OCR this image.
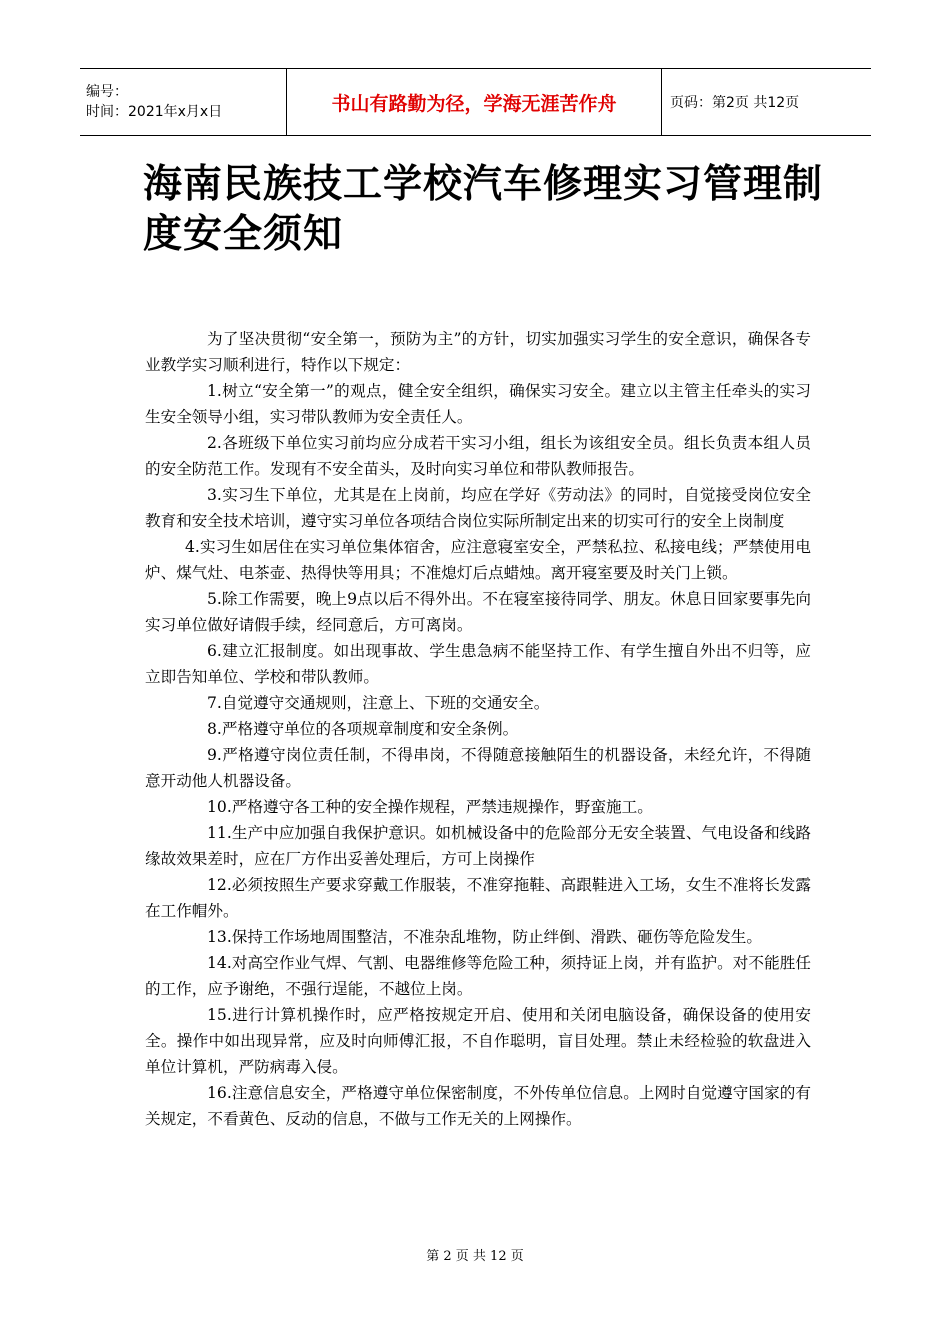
编号：
时间：2021年x月x日	书山有路勤为径，学海无涯苦作舟	页码：第2页 共12页
海南民族技工学校汽车修理实习管理制度安全须知

为了坚决贯彻“安全第一，预防为主”的方针，切实加强实习学生的安全意识，确保各专业教学实习顺利进行，特作以下规定：

1.树立“安全第一”的观点，健全安全组织，确保实习安全。建立以主管主任牵头的实习生安全领导小组，实习带队教师为安全责任人。

2.各班级下单位实习前均应分成若干实习小组，组长为该组安全员。组长负责本组人员的安全防范工作。发现有不安全苗头，及时向实习单位和带队教师报告。

3.实习生下单位，尤其是在上岗前，均应在学好《劳动法》的同时，自觉接受岗位安全教育和安全技术培训，遵守实习单位各项结合岗位实际所制定出来的切实可行的安全上岗制度

4.实习生如居住在实习单位集体宿舍，应注意寝室安全，严禁私拉、私接电线；严禁使用电炉、煤气灶、电茶壶、热得快等用具；不准熄灯后点蜡烛。离开寝室要及时关门上锁。

5.除工作需要，晚上9点以后不得外出。不在寝室接待同学、朋友。休息日回家要事先向实习单位做好请假手续，经同意后，方可离岗。

6.建立汇报制度。如出现事故、学生患急病不能坚持工作、有学生擅自外出不归等，应立即告知单位、学校和带队教师。

7.自觉遵守交通规则，注意上、下班的交通安全。

8.严格遵守单位的各项规章制度和安全条例。

9.严格遵守岗位责任制，不得串岗，不得随意接触陌生的机器设备，未经允许，不得随意开动他人机器设备。

10.严格遵守各工种的安全操作规程，严禁违规操作，野蛮施工。

11.生产中应加强自我保护意识。如机械设备中的危险部分无安全装置、气电设备和线路缘故效果差时，应在厂方作出妥善处理后，方可上岗操作

12.必须按照生产要求穿戴工作服装，不准穿拖鞋、高跟鞋进入工场，女生不准将长发露在工作帽外。

13.保持工作场地周围整洁，不准杂乱堆物，防止绊倒、滑跌、砸伤等危险发生。

14.对高空作业气焊、气割、电器维修等危险工种，须持证上岗，并有监护。对不能胜任的工作，应予谢绝，不强行逞能，不越位上岗。

15.进行计算机操作时，应严格按规定开启、使用和关闭电脑设备，确保设备的使用安全。操作中如出现异常，应及时向师傅汇报，不自作聪明，盲目处理。禁止未经检验的软盘进入单位计算机，严防病毒入侵。

16.注意信息安全，严格遵守单位保密制度，不外传单位信息。上网时自觉遵守国家的有关规定，不看黄色、反动的信息，不做与工作无关的上网操作。

第 2 页 共 12 页
